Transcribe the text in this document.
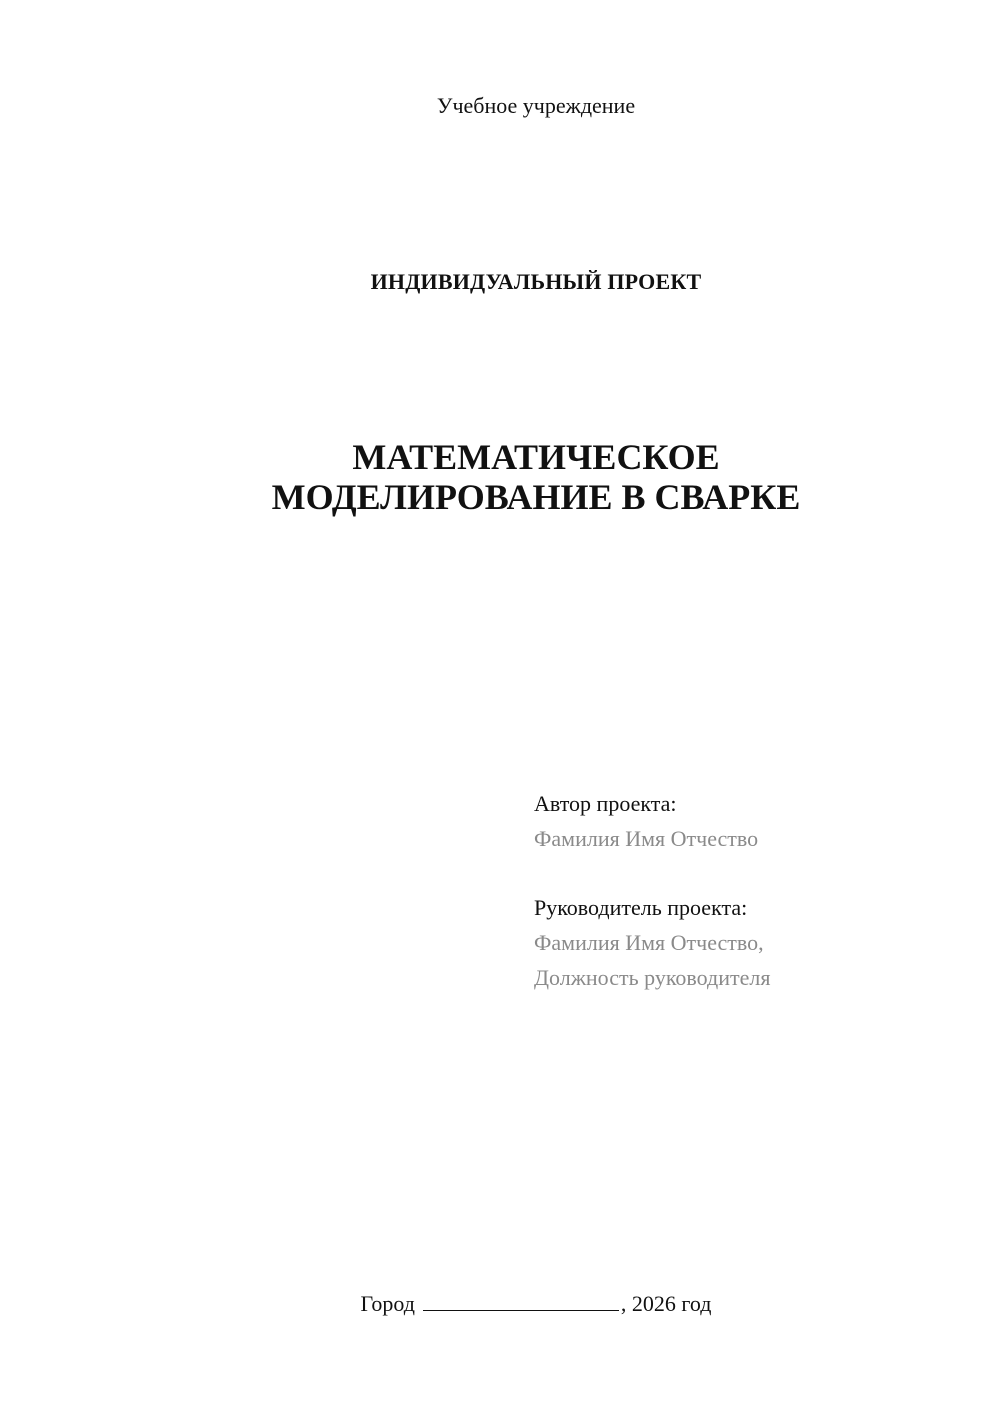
Учебное учреждение
ИНДИВИДУАЛЬНЫЙ ПРОЕКТ
МАТЕМАТИЧЕСКОЕ
МОДЕЛИРОВАНИЕ В СВАРКЕ
Автор проекта:
Фамилия Имя Отчество
Руководитель проекта:
Фамилия Имя Отчество,
Должность руководителя
Город	, 2026 год
